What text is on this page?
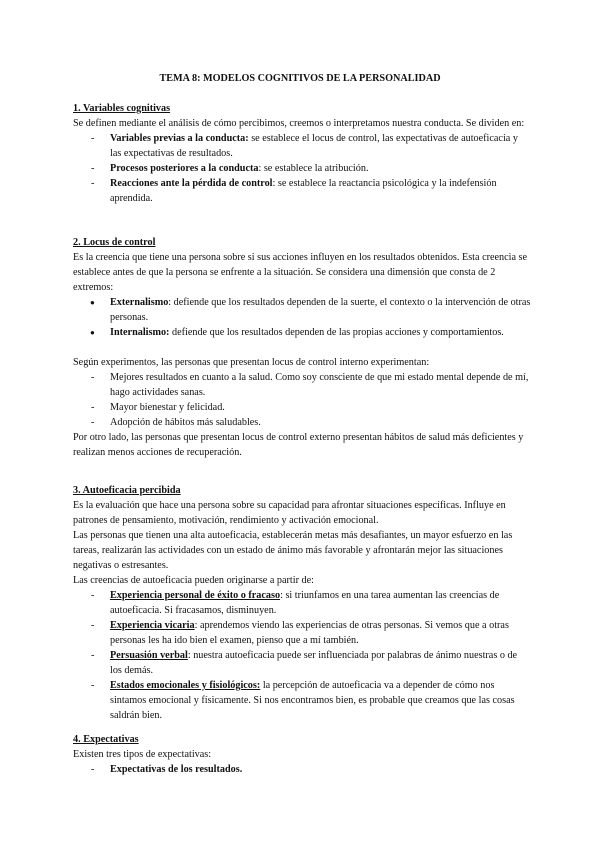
TEMA 8: MODELOS COGNITIVOS DE LA PERSONALIDAD
1. Variables cognitivas

Se definen mediante el análisis de cómo percibimos, creemos o interpretamos nuestra conducta. Se dividen en:

- Variables previas a la conducta: se establece el locus de control, las expectativas de autoeficacia y las expectativas de resultados.
- Procesos posteriores a la conducta: se establece la atribución.
- Reacciones ante la pérdida de control: se establece la reactancia psicológica y la indefensión aprendida.
2. Locus de control

Es la creencia que tiene una persona sobre si sus acciones influyen en los resultados obtenidos. Esta creencia se establece antes de que la persona se enfrente a la situación. Se considera una dimensión que consta de 2 extremos:

● Externalismo: defiende que los resultados dependen de la suerte, el contexto o la intervención de otras personas.
● Internalismo: defiende que los resultados dependen de las propias acciones y comportamientos.

Según experimentos, las personas que presentan locus de control interno experimentan:

- Mejores resultados en cuanto a la salud. Como soy consciente de que mi estado mental depende de mí, hago actividades sanas.
- Mayor bienestar y felicidad.
- Adopción de hábitos más saludables.

Por otro lado, las personas que presentan locus de control externo presentan hábitos de salud más deficientes y realizan menos acciones de recuperación.

3. Autoeficacia percibida

Es la evaluación que hace una persona sobre su capacidad para afrontar situaciones específicas. Influye en patrones de pensamiento, motivación, rendimiento y activación emocional.

Las personas que tienen una alta autoeficacia, establecerán metas más desafiantes, un mayor esfuerzo en las tareas, realizarán las actividades con un estado de ánimo más favorable y afrontarán mejor las situaciones negativas o estresantes.

Las creencias de autoeficacia pueden originarse a partir de:

- Experiencia personal de éxito o fracaso: si triunfamos en una tarea aumentan las creencias de autoeficacia. Si fracasamos, disminuyen.
- Experiencia vicaria: aprendemos viendo las experiencias de otras personas. Si vemos que a otras personas les ha ido bien el examen, pienso que a mí también.
- Persuasión verbal: nuestra autoeficacia puede ser influenciada por palabras de ánimo nuestras o de los demás.
- Estados emocionales y fisiológicos: la percepción de autoeficacia va a depender de cómo nos sintamos emocional y físicamente. Si nos encontramos bien, es probable que creamos que las cosas saldrán bien.
4. Expectativas

Existen tres tipos de expectativas:

- Expectativas de los resultados.
